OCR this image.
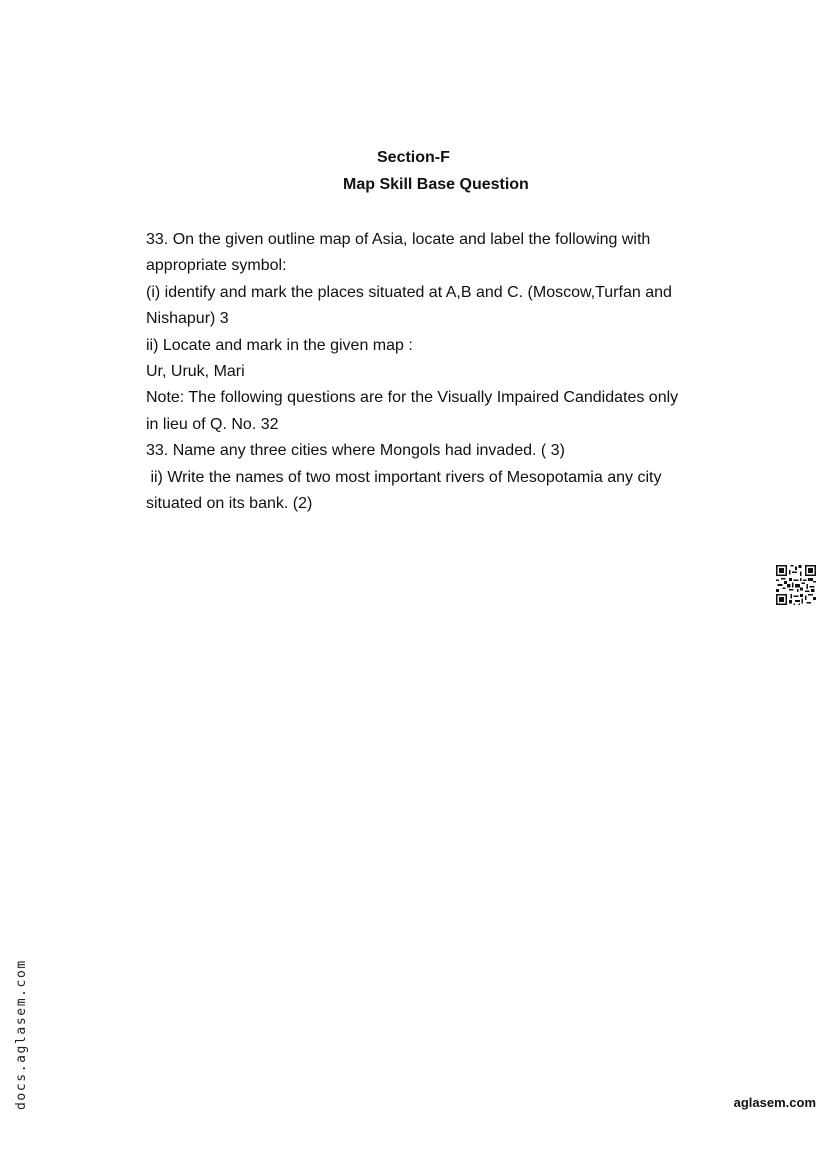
Section-F
Map Skill Base Question
33. On the given outline map of Asia, locate and label the following with
appropriate symbol:
(i) identify and mark the places situated at A,B and C. (Moscow,Turfan and
Nishapur) 3
ii) Locate and mark in the given map :
Ur, Uruk, Mari
Note: The following questions are for the Visually Impaired Candidates only
in lieu of Q. No. 32
33. Name any three cities where Mongols had invaded. ( 3)
ii) Write the names of two most important rivers of Mesopotamia any city
situated on its bank. (2)
docs.aglasem.com	aglasem.com
